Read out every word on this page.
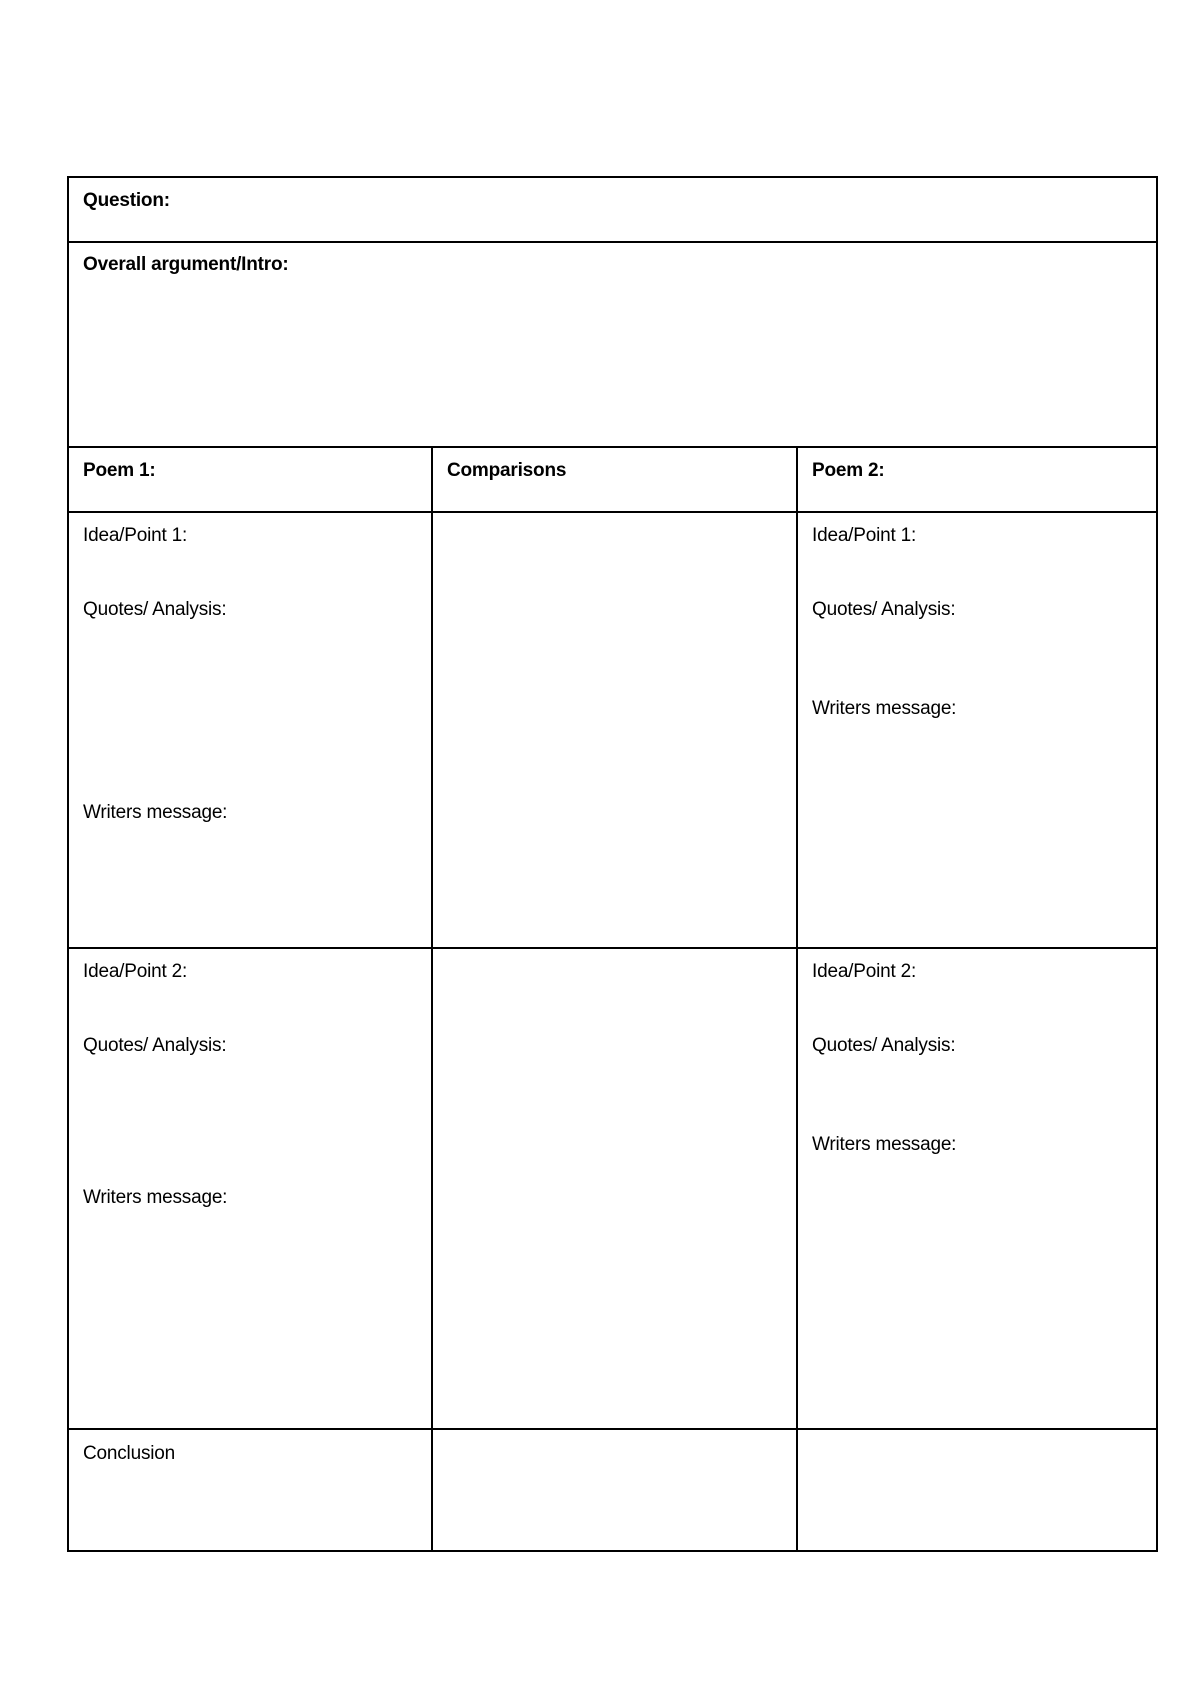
Question:
Overall argument/Intro:
Poem 1:	Comparisons	Poem 2:
Idea/Point 1:
Quotes/ Analysis:
Writers message:
Idea/Point 1:
Quotes/ Analysis:
Writers message:
Idea/Point 2:
Quotes/ Analysis:
Writers message:
Idea/Point 2:
Quotes/ Analysis:
Writers message:
Conclusion
